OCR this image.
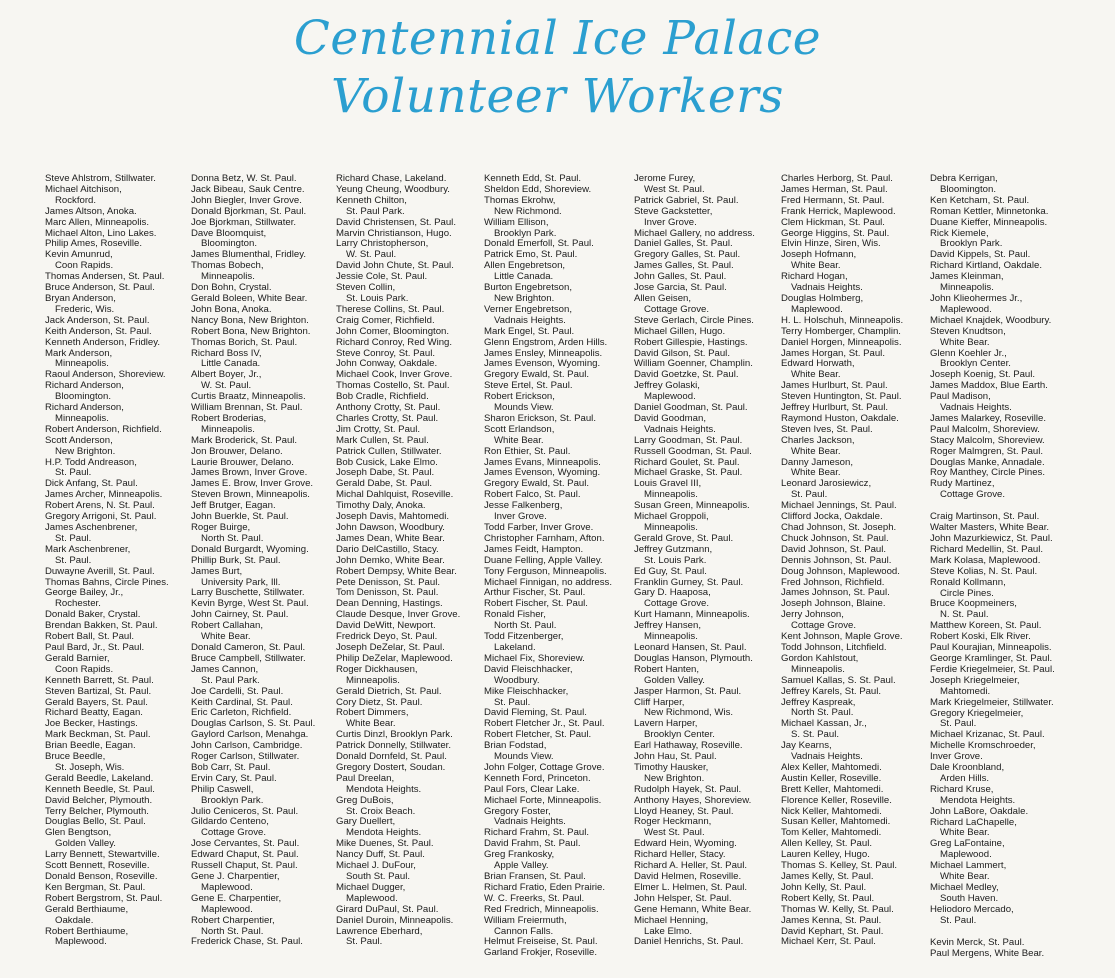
Centennial Ice Palace
Volunteer Workers
Steve Ahlstrom, Stillwater.
Michael Aitchison,
Rockford.
James Altson, Anoka.
Marc Allen, Minneapolis.
Michael Alton, Lino Lakes.
Philip Ames, Roseville.
Kevin Amunrud,
Coon Rapids.
Thomas Andersen, St. Paul.
Bruce Anderson, St. Paul.
Bryan Anderson,
Frederic, Wis.
Jack Anderson, St. Paul.
Keith Anderson, St. Paul.
Kenneth Anderson, Fridley.
Mark Anderson,
Minneapolis.
Raoul Anderson, Shoreview.
Richard Anderson,
Bloomington.
Richard Anderson,
Minneapolis.
Robert Anderson, Richfield.
Scott Anderson,
New Brighton.
H.P. Todd Andreason,
St. Paul.
Dick Anfang, St. Paul.
James Archer, Minneapolis.
Robert Arens, N. St. Paul.
Gregory Arrigoni, St. Paul.
James Aschenbrener,
St. Paul.
Mark Aschenbrener,
St. Paul.
Duwayne Averill, St. Paul.
Thomas Bahns, Circle Pines.
George Bailey, Jr.,
Rochester.
Donald Baker, Crystal.
Brendan Bakken, St. Paul.
Robert Ball, St. Paul.
Paul Bard, Jr., St. Paul.
Gerald Barnier,
Coon Rapids.
Kenneth Barrett, St. Paul.
Steven Bartizal, St. Paul.
Gerald Bayers, St. Paul.
Richard Beatty, Eagan.
Joe Becker, Hastings.
Mark Beckman, St. Paul.
Brian Beedle, Eagan.
Bruce Beedle,
St. Joseph, Wis.
Gerald Beedle, Lakeland.
Kenneth Beedle, St. Paul.
David Belcher, Plymouth.
Terry Belcher, Plymouth.
Douglas Bello, St. Paul.
Glen Bengtson,
Golden Valley.
Larry Bennett, Stewartville.
Scott Bennett, Roseville.
Donald Benson, Roseville.
Ken Bergman, St. Paul.
Robert Bergstrom, St. Paul.
Gerald Berthiaume,
Oakdale.
Robert Berthiaume,
Maplewood.
Donna Betz, W. St. Paul.
Jack Bibeau, Sauk Centre.
John Biegler, Inver Grove.
Donald Bjorkman, St. Paul.
Joe Bjorkman, Stillwater.
Dave Bloomquist,
Bloomington.
James Blumenthal, Fridley.
Thomas Bobech,
Minneapolis.
Don Bohn, Crystal.
Gerald Boleen, White Bear.
John Bona, Anoka.
Nancy Bona, New Brighton.
Robert Bona, New Brighton.
Thomas Borich, St. Paul.
Richard Boss IV,
Little Canada.
Albert Boyer, Jr.,
W. St. Paul.
Curtis Braatz, Minneapolis.
William Brennan, St. Paul.
Robert Broderias,
Minneapolis.
Mark Broderick, St. Paul.
Jon Brouwer, Delano.
Laurie Brouwer, Delano.
James Brown, Inver Grove.
James E. Brow, Inver Grove.
Steven Brown, Minneapolis.
Jeff Brutger, Eagan.
John Buerkle, St. Paul.
Roger Buirge,
North St. Paul.
Donald Burgardt, Wyoming.
Phillip Burk, St. Paul.
James Burt,
University Park, Ill.
Larry Buschette, Stillwater.
Kevin Byrge, West St. Paul.
John Cairney, St. Paul.
Robert Callahan,
White Bear.
Donald Cameron, St. Paul.
Bruce Campbell, Stillwater.
James Cannon,
St. Paul Park.
Joe Cardelli, St. Paul.
Keith Cardinal, St. Paul.
Eric Carleton, Richfield.
Douglas Carlson, S. St. Paul.
Gaylord Carlson, Menahga.
John Carlson, Cambridge.
Roger Carlson, Stillwater.
Bob Carr, St. Paul.
Ervin Cary, St. Paul.
Philip Caswell,
Brooklyn Park.
Julio Ceniceros, St. Paul.
Gildardo Centeno,
Cottage Grove.
Jose Cervantes, St. Paul.
Edward Chaput, St. Paul.
Russell Chaput, St. Paul.
Gene J. Charpentier,
Maplewood.
Gene E. Charpentier,
Maplewood.
Robert Charpentier,
North St. Paul.
Frederick Chase, St. Paul.
Richard Chase, Lakeland.
Yeung Cheung, Woodbury.
Kenneth Chilton,
St. Paul Park.
David Christensen, St. Paul.
Marvin Christianson, Hugo.
Larry Christopherson,
W. St. Paul.
David John Chute, St. Paul.
Jessie Cole, St. Paul.
Steven Collin,
St. Louis Park.
Therese Collins, St. Paul.
Craig Comer, Richfield.
John Comer, Bloomington.
Richard Conroy, Red Wing.
Steve Conroy, St. Paul.
John Conway, Oakdale.
Michael Cook, Inver Grove.
Thomas Costello, St. Paul.
Bob Cradle, Richfield.
Anthony Crotty, St. Paul.
Charles Crotty, St. Paul.
Jim Crotty, St. Paul.
Mark Cullen, St. Paul.
Patrick Cullen, Stillwater.
Bob Cusick, Lake Elmo.
Joseph Dabe, St. Paul.
Gerald Dabe, St. Paul.
Michal Dahlquist, Roseville.
Timothy Daly, Anoka.
Joseph Davis, Mahtomedi.
John Dawson, Woodbury.
James Dean, White Bear.
Dario DelCastillo, Stacy.
John Demko, White Bear.
Robert Dempsy, White Bear.
Pete Denisson, St. Paul.
Tom Denisson, St. Paul.
Dean Denning, Hastings.
Claude Desque, Inver Grove.
David DeWitt, Newport.
Fredrick Deyo, St. Paul.
Joseph DeZelar, St. Paul.
Philip DeZelar, Maplewood.
Roger Dickhausen,
Minneapolis.
Gerald Dietrich, St. Paul.
Cory Dietz, St. Paul.
Robert Dimmers,
White Bear.
Curtis Dinzl, Brooklyn Park.
Patrick Donnelly, Stillwater.
Donald Dornfeld, St. Paul.
Gregory Dostert, Soudan.
Paul Dreelan,
Mendota Heights.
Greg DuBois,
St. Croix Beach.
Gary Duellert,
Mendota Heights.
Mike Duenes, St. Paul.
Nancy Duff, St. Paul.
Michael J. DuFour,
South St. Paul.
Michael Dugger,
Maplewood.
Girard DuPaul, St. Paul.
Daniel Duroin, Minneapolis.
Lawrence Eberhard,
St. Paul.
Kenneth Edd, St. Paul.
Sheldon Edd, Shoreview.
Thomas Ekrohw,
New Richmond.
William Ellison,
Brooklyn Park.
Donald Emerfoll, St. Paul.
Patrick Emo, St. Paul.
Allen Engebretson,
Little Canada.
Burton Engebretson,
New Brighton.
Verner Engebretson,
Vadnais Heights.
Mark Engel, St. Paul.
Glenn Engstrom, Arden Hills.
James Ensley, Minneapolis.
James Evenson, Wyoming.
Gregory Ewald, St. Paul.
Steve Ertel, St. Paul.
Robert Erickson,
Mounds View.
Sharon Erickson, St. Paul.
Scott Erlandson,
White Bear.
Ron Ethier, St. Paul.
James Evans, Minneapolis.
James Evenson, Wyoming.
Gregory Ewald, St. Paul.
Robert Falco, St. Paul.
Jesse Falkenberg,
Inver Grove.
Todd Farber, Inver Grove.
Christopher Farnham, Afton.
James Feidt, Hampton.
Duane Felling, Apple Valley.
Tony Ferguson, Minneapolis.
Michael Finnigan, no address.
Arthur Fischer, St. Paul.
Robert Fischer, St. Paul.
Ronald Fisher,
North St. Paul.
Todd Fitzenberger,
Lakeland.
Michael Fix, Shoreview.
David Fleischhacker,
Woodbury.
Mike Fleischhacker,
St. Paul.
David Fleming, St. Paul.
Robert Fletcher Jr., St. Paul.
Robert Fletcher, St. Paul.
Brian Fodstad,
Mounds View.
John Folger, Cottage Grove.
Kenneth Ford, Princeton.
Paul Fors, Clear Lake.
Michael Forte, Minneapolis.
Gregory Foster,
Vadnais Heights.
Richard Frahm, St. Paul.
David Frahm, St. Paul.
Greg Frankosky,
Apple Valley.
Brian Fransen, St. Paul.
Richard Fratio, Eden Prairie.
W. C. Freerks, St. Paul.
Red Fredrich, Minneapolis.
William Freiermuth,
Cannon Falls.
Helmut Freiseise, St. Paul.
Garland Frokjer, Roseville.
Jerome Furey,
West St. Paul.
Patrick Gabriel, St. Paul.
Steve Gackstetter,
Inver Grove.
Michael Gallery, no address.
Daniel Galles, St. Paul.
Gregory Galles, St. Paul.
James Galles, St. Paul.
John Galles, St. Paul.
Jose Garcia, St. Paul.
Allen Geisen,
Cottage Grove.
Steve Gerlach, Circle Pines.
Michael Gillen, Hugo.
Robert Gillespie, Hastings.
David Gilson, St. Paul.
William Goenner, Champlin.
David Goetzke, St. Paul.
Jeffrey Golaski,
Maplewood.
Daniel Goodman, St. Paul.
David Goodman,
Vadnais Heights.
Larry Goodman, St. Paul.
Russell Goodman, St. Paul.
Richard Goulet, St. Paul.
Michael Graske, St. Paul.
Louis Gravel III,
Minneapolis.
Susan Green, Minneapolis.
Michael Groppoli,
Minneapolis.
Gerald Grove, St. Paul.
Jeffrey Gutzmann,
St. Louis Park.
Ed Guy, St. Paul.
Franklin Gurney, St. Paul.
Gary D. Haaposa,
Cottage Grove.
Kurt Hamann, Minneapolis.
Jeffrey Hansen,
Minneapolis.
Leonard Hansen, St. Paul.
Douglas Hanson, Plymouth.
Robert Hanten,
Golden Valley.
Jasper Harmon, St. Paul.
Cliff Harper,
New Richmond, Wis.
Lavern Harper,
Brooklyn Center.
Earl Hathaway, Roseville.
John Hau, St. Paul.
Timothy Hausker,
New Brighton.
Rudolph Hayek, St. Paul.
Anthony Hayes, Shoreview.
Lloyd Heaney, St. Paul.
Roger Heckmann,
West St. Paul.
Edward Hein, Wyoming.
Richard Heller, Stacy.
Richard A. Heller, St. Paul.
David Helmen, Roseville.
Elmer L. Helmen, St. Paul.
John Helsper, St. Paul.
Gene Hemann, White Bear.
Michael Henning,
Lake Elmo.
Daniel Henrichs, St. Paul.
Charles Herborg, St. Paul.
James Herman, St. Paul.
Fred Hermann, St. Paul.
Frank Herrick, Maplewood.
Clem Hickman, St. Paul.
George Higgins, St. Paul.
Elvin Hinze, Siren, Wis.
Joseph Hofmann,
White Bear.
Richard Hogan,
Vadnais Heights.
Douglas Holmberg,
Maplewood.
H. L. Holschuh, Minneapolis.
Terry Homberger, Champlin.
Daniel Horgen, Minneapolis.
James Horgan, St. Paul.
Edward Horwath,
White Bear.
James Hurlburt, St. Paul.
Steven Huntington, St. Paul.
Jeffrey Hurlburt, St. Paul.
Raymond Huston, Oakdale.
Steven Ives, St. Paul.
Charles Jackson,
White Bear.
Danny Jameson,
White Bear.
Leonard Jarosiewicz,
St. Paul.
Michael Jennings, St. Paul.
Clifford Jocka, Oakdale.
Chad Johnson, St. Joseph.
Chuck Johnson, St. Paul.
David Johnson, St. Paul.
Dennis Johnson, St. Paul.
Doug Johnson, Maplewood.
Fred Johnson, Richfield.
James Johnson, St. Paul.
Joseph Johnson, Blaine.
Jerry Johnson,
Cottage Grove.
Kent Johnson, Maple Grove.
Todd Johnson, Litchfield.
Gordon Kahlstout,
Minneapolis.
Samuel Kallas, S. St. Paul.
Jeffrey Karels, St. Paul.
Jeffrey Kaspreak,
North St. Paul.
Michael Kassan, Jr.,
S. St. Paul.
Jay Kearns,
Vadnais Heights.
Alex Keller, Mahtomedi.
Austin Keller, Roseville.
Brett Keller, Mahtomedi.
Florence Keller, Roseville.
Nick Keller, Mahtomedi.
Susan Keller, Mahtomedi.
Tom Keller, Mahtomedi.
Allen Kelley, St. Paul.
Lauren Kelley, Hugo.
Thomas S. Kelley, St. Paul.
James Kelly, St. Paul.
John Kelly, St. Paul.
Robert Kelly, St. Paul.
Thomas W. Kelly, St. Paul.
James Kenna, St. Paul.
David Kephart, St. Paul.
Michael Kerr, St. Paul.
Debra Kerrigan,
Bloomington.
Ken Ketcham, St. Paul.
Roman Kettler, Minnetonka.
Duane Kieffer, Minneapolis.
Rick Kiemele,
Brooklyn Park.
David Kippels, St. Paul.
Richard Kirtland, Oakdale.
James Kleinman,
Minneapolis.
John Klieohermes Jr.,
Maplewood.
Michael Knajdek, Woodbury.
Steven Knudtson,
White Bear.
Glenn Koehler Jr.,
Brooklyn Center.
Joseph Koenig, St. Paul.
James Maddox, Blue Earth.
Paul Madison,
Vadnais Heights.
James Malarkey, Roseville.
Paul Malcolm, Shoreview.
Stacy Malcolm, Shoreview.
Roger Malmgren, St. Paul.
Douglas Manke, Annadale.
Roy Manthey, Circle Pines.
Rudy Martinez,
Cottage Grove.
Craig Martinson, St. Paul.
Walter Masters, White Bear.
John Mazurkiewicz, St. Paul.
Richard Medellin, St. Paul.
Mark Kolasa, Maplewood.
Steve Kolias, N. St. Paul.
Ronald Kollmann,
Circle Pines.
Bruce Koopmeiners,
N. St. Paul.
Matthew Koreen, St. Paul.
Robert Koski, Elk River.
Paul Kourajian, Minneapolis.
George Kramlinger, St. Paul.
Ferdie Kriegelmeier, St. Paul.
Joseph Kriegelmeier,
Mahtomedi.
Mark Kriegelmeier, Stillwater.
Gregory Kriegelmeier,
St. Paul.
Michael Krizanac, St. Paul.
Michelle Kromschroeder,
Inver Grove.
Dale Kroonbland,
Arden Hills.
Richard Kruse,
Mendota Heights.
John LaBore, Oakdale.
Richard LaChapelle,
White Bear.
Greg LaFontaine,
Maplewood.
Michael Lammert,
White Bear.
Michael Medley,
South Haven.
Heliodoro Mercado,
St. Paul.
Kevin Merck, St. Paul.
Paul Mergens, White Bear.
